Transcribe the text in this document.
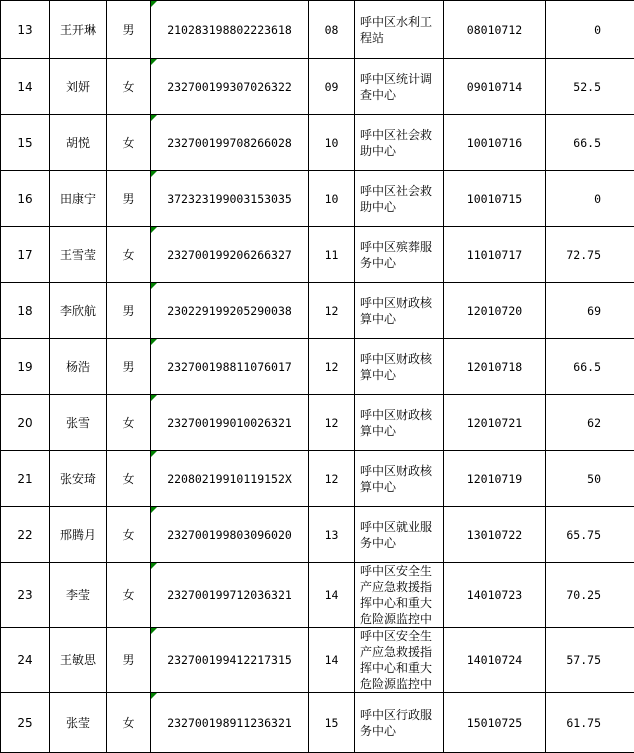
13	王开琳	男	210283198802223618	08	呼中区水利工程站	08010712	0
14	刘妍	女	232700199307026322	09	呼中区统计调查中心	09010714	52.5
15	胡悦	女	232700199708266028	10	呼中区社会救助中心	10010716	66.5
16	田康宁	男	372323199003153035	10	呼中区社会救助中心	10010715	0
17	王雪莹	女	232700199206266327	11	呼中区殡葬服务中心	11010717	72.75
18	李欣航	男	230229199205290038	12	呼中区财政核算中心	12010720	69
19	杨浩	男	232700198811076017	12	呼中区财政核算中心	12010718	66.5
20	张雪	女	232700199010026321	12	呼中区财政核算中心	12010721	62
21	张安琦	女	22080219910119152X	12	呼中区财政核算中心	12010719	50
22	邢腾月	女	232700199803096020	13	呼中区就业服务中心	13010722	65.75
23	李莹	女	232700199712036321	14	呼中区安全生产应急救援指挥中心和重大危险源监控中	14010723	70.25
24	王敏思	男	232700199412217315	14	呼中区安全生产应急救援指挥中心和重大危险源监控中	14010724	57.75
25	张莹	女	232700198911236321	15	呼中区行政服务中心	15010725	61.75
